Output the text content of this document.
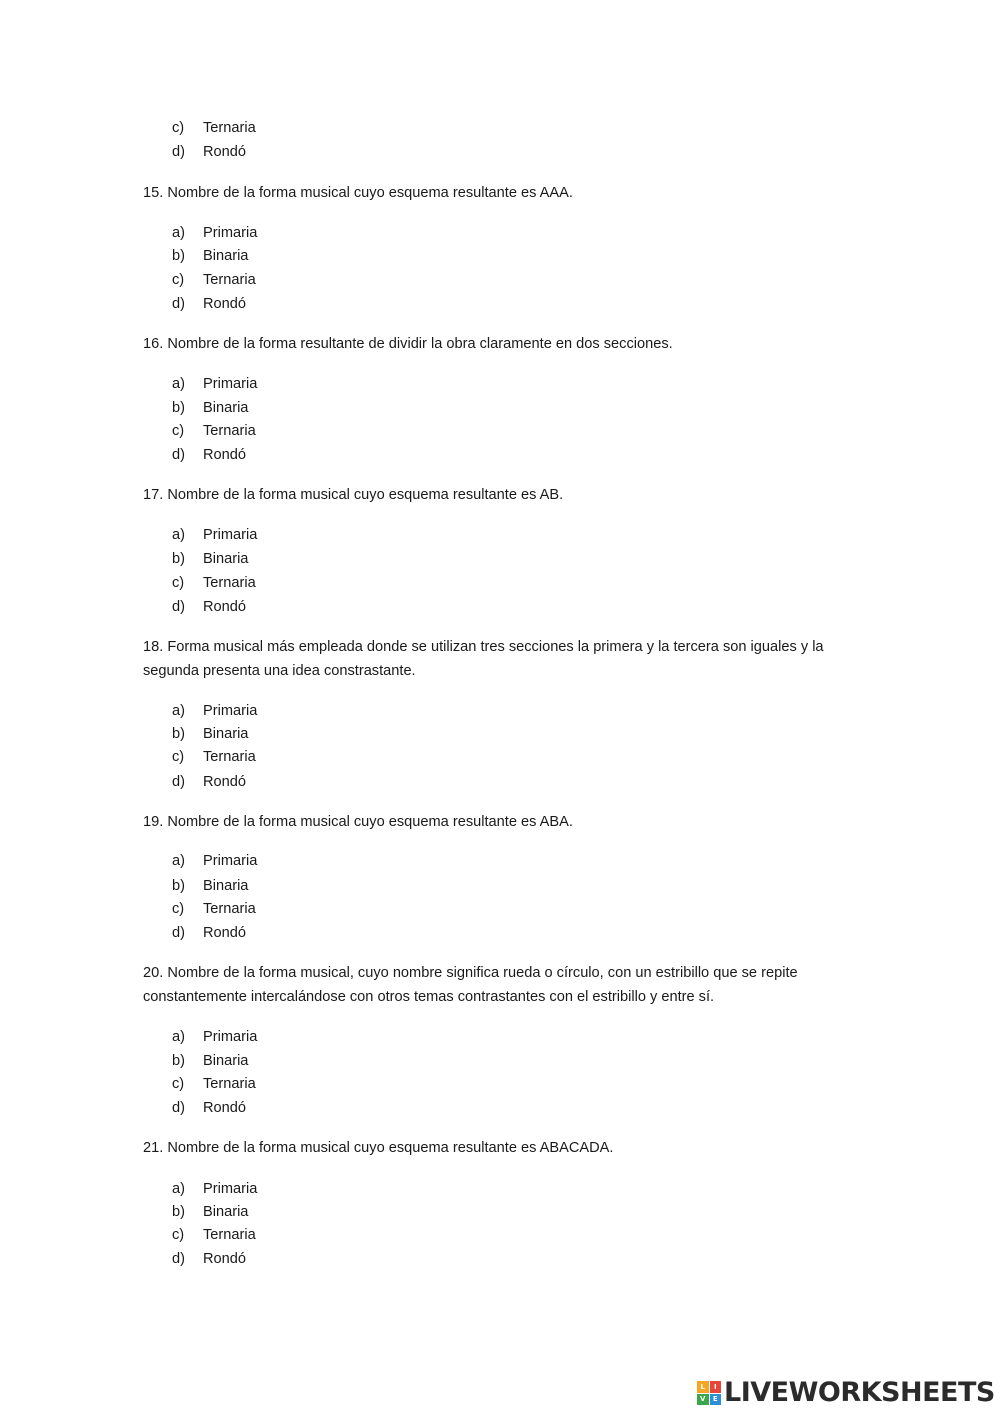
c) Ternaria
d) Rondó
15. Nombre de la forma musical cuyo esquema resultante es AAA.
a) Primaria
b) Binaria
c) Ternaria
d) Rondó
16. Nombre de la forma resultante de dividir la obra claramente en dos secciones.
a) Primaria
b) Binaria
c) Ternaria
d) Rondó
17. Nombre de la forma musical cuyo esquema resultante es AB.
a) Primaria
b) Binaria
c) Ternaria
d) Rondó
18. Forma musical más empleada donde se utilizan tres secciones la primera y la tercera son iguales y la segunda presenta una idea constrastante.
a) Primaria
b) Binaria
c) Ternaria
d) Rondó
19. Nombre de la forma musical cuyo esquema resultante es ABA.
a) Primaria
b) Binaria
c) Ternaria
d) Rondó
20. Nombre de la forma musical, cuyo nombre significa rueda o círculo, con un estribillo que se repite constantemente intercalándose con otros temas contrastantes con el estribillo y entre sí.
a) Primaria
b) Binaria
c) Ternaria
d) Rondó
21. Nombre de la forma musical cuyo esquema resultante es ABACADA.
a) Primaria
b) Binaria
c) Ternaria
d) Rondó
L	I
V	E LIVEWORKSHEETS
